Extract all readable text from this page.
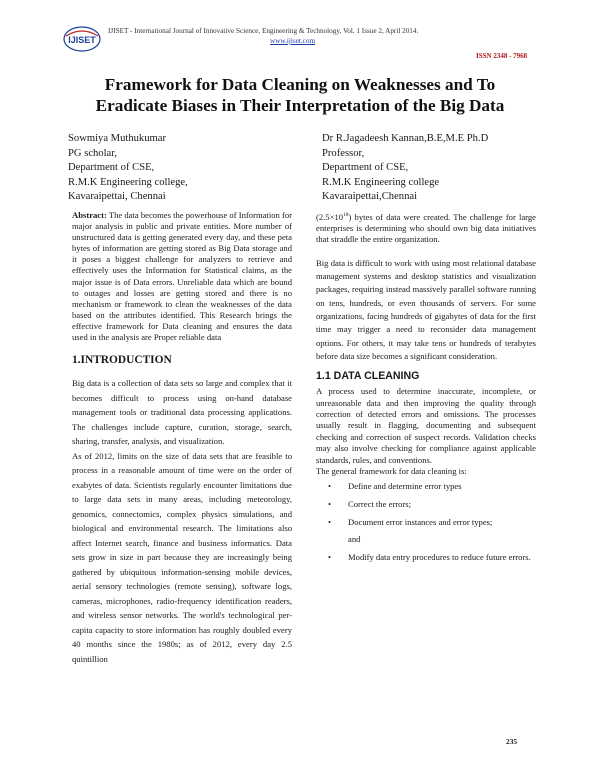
IJISET
IJISET - International Journal of Innovative Science, Engineering & Technology, Vol. 1 Issue 2, April 2014.
www.ijiset.com
ISSN 2348 - 7968
Framework for Data Cleaning on Weaknesses and To
Eradicate Biases in Their Interpretation of the Big Data
Sowmiya Muthukumar
PG scholar,
Department of CSE,
R.M.K Engineering college,
Kavaraipettai, Chennai
Dr R.Jagadeesh Kannan,B.E,M.E Ph.D
Professor,
Department of CSE,
R.M.K Engineering college
Kavaraipettai,Chennai

Abstract: The data becomes the powerhouse of Information for major analysis in public and private entities. More number of unstructured data is getting generated every day, and these peta bytes of information are getting stored as Big Data storage and it poses a biggest challenge for analyzers to retrieve and effectively uses the Information for Statistical claims, as the major issue is of Data errors. Unreliable data which are bound to outages and losses are getting stored and there is no mechanism or framework to clean the weaknesses of the data based on the attributes identified. This Research brings the effective framework for Data cleaning and ensures the data used in the analysis are Proper reliable data

1.INTRODUCTION

Big data is a collection of data sets so large and complex that it becomes difficult to process using on-hand database management tools or traditional data processing applications. The challenges include capture, curation, storage, search, sharing, transfer, analysis, and visualization.

As of 2012, limits on the size of data sets that are feasible to process in a reasonable amount of time were on the order of exabytes of data. Scientists regularly encounter limitations due to large data sets in many areas, including meteorology, genomics, connectomics, complex physics simulations, and biological and environmental research. The limitations also affect Internet search, finance and business informatics. Data sets grow in size in part because they are increasingly being gathered by ubiquitous information-sensing mobile devices, aerial sensory technologies (remote sensing), software logs, cameras, microphones, radio-frequency identification readers, and wireless sensor networks. The world's technological per-capita capacity to store information has roughly doubled every 40 months since the 1980s; as of 2012, every day 2.5 quintillion

$(2.5\times 10^{18})$ bytes of data were created. The challenge for large enterprises is determining who should own big data initiatives that straddle the entire organization.

Big data is difficult to work with using most relational database management systems and desktop statistics and visualization packages, requiring instead massively parallel software running on tens, hundreds, or even thousands of servers. For some organizations, facing hundreds of gigabytes of data for the first time may trigger a need to reconsider data management options. For others, it may take tens or hundreds of terabytes before data size becomes a significant consideration.

1.1 DATA CLEANING

A process used to determine inaccurate, incomplete, or unreasonable data and then improving the quality through correction of detected errors and omissions. The processes usually result in flagging, documenting and subsequent checking and correction of suspect records. Validation checks may also involve checking for compliance against applicable standards, rules, and conventions.

The general framework for data cleaning is:

• Define and determine error types
• Correct the errors;
• Document error instances and error types;
and
• Modify data entry procedures to reduce future errors.
235
